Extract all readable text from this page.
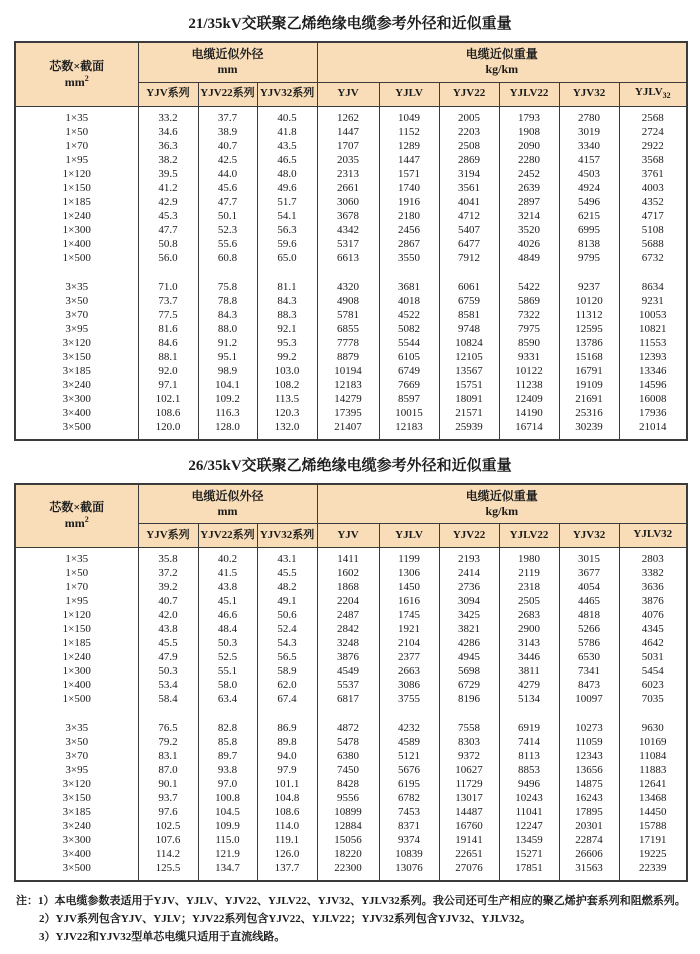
21/35kV交联聚乙烯绝缘电缆参考外径和近似重量
芯数×截面
$mm^2$

电缆近似外径
mm

电缆近似重量
kg/km

	YJV系列	YJV22系列	YJV32系列	YJV	YJLV	YJV22	YJLV22	YJV32	$YJLV_{32}$
1×35	33.2	37.7	40.5	1262	1049	2005	1793	2780	2568
1×50	34.6	38.9	41.8	1447	1152	2203	1908	3019	2724
1×70	36.3	40.7	43.5	1707	1289	2508	2090	3340	2922
1×95	38.2	42.5	46.5	2035	1447	2869	2280	4157	3568
1×120	39.5	44.0	48.0	2313	1571	3194	2452	4503	3761
1×150	41.2	45.6	49.6	2661	1740	3561	2639	4924	4003
1×185	42.9	47.7	51.7	3060	1916	4041	2897	5496	4352
1×240	45.3	50.1	54.1	3678	2180	4712	3214	6215	4717
1×300	47.7	52.3	56.3	4342	2456	5407	3520	6995	5108
1×400	50.8	55.6	59.6	5317	2867	6477	4026	8138	5688
1×500	56.0	60.8	65.0	6613	3550	7912	4849	9795	6732

3×35	71.0	75.8	81.1	4320	3681	6061	5422	9237	8634
3×50	73.7	78.8	84.3	4908	4018	6759	5869	10120	9231
3×70	77.5	84.3	88.3	5781	4522	8581	7322	11312	10053
3×95	81.6	88.0	92.1	6855	5082	9748	7975	12595	10821
3×120	84.6	91.2	95.3	7778	5544	10824	8590	13786	11553
3×150	88.1	95.1	99.2	8879	6105	12105	9331	15168	12393
3×185	92.0	98.9	103.0	10194	6749	13567	10122	16791	13346
3×240	97.1	104.1	108.2	12183	7669	15751	11238	19109	14596
3×300	102.1	109.2	113.5	14279	8597	18091	12409	21691	16008
3×400	108.6	116.3	120.3	17395	10015	21571	14190	25316	17936
3×500	120.0	128.0	132.0	21407	12183	25939	16714	30239	21014
26/35kV交联聚乙烯绝缘电缆参考外径和近似重量
芯数×截面
$mm^2$

电缆近似外径
mm

电缆近似重量
kg/km

	YJV系列	YJV22系列	YJV32系列	YJV	YJLV	YJV22	YJLV22	YJV32	YJLV32
1×35	35.8	40.2	43.1	1411	1199	2193	1980	3015	2803
1×50	37.2	41.5	45.5	1602	1306	2414	2119	3677	3382
1×70	39.2	43.8	48.2	1868	1450	2736	2318	4054	3636
1×95	40.7	45.1	49.1	2204	1616	3094	2505	4465	3876
1×120	42.0	46.6	50.6	2487	1745	3425	2683	4818	4076
1×150	43.8	48.4	52.4	2842	1921	3821	2900	5266	4345
1×185	45.5	50.3	54.3	3248	2104	4286	3143	5786	4642
1×240	47.9	52.5	56.5	3876	2377	4945	3446	6530	5031
1×300	50.3	55.1	58.9	4549	2663	5698	3811	7341	5454
1×400	53.4	58.0	62.0	5537	3086	6729	4279	8473	6023
1×500	58.4	63.4	67.4	6817	3755	8196	5134	10097	7035

3×35	76.5	82.8	86.9	4872	4232	7558	6919	10273	9630
3×50	79.2	85.8	89.8	5478	4589	8303	7414	11059	10169
3×70	83.1	89.7	94.0	6380	5121	9372	8113	12343	11084
3×95	87.0	93.8	97.9	7450	5676	10627	8853	13656	11883
3×120	90.1	97.0	101.1	8428	6195	11729	9496	14875	12641
3×150	93.7	100.8	104.8	9556	6782	13017	10243	16243	13468
3×185	97.6	104.5	108.6	10899	7453	14487	11041	17895	14450
3×240	102.5	109.9	114.0	12884	8371	16760	12247	20301	15788
3×300	107.6	115.0	119.1	15056	9374	19141	13459	22874	17191
3×400	114.2	121.9	126.0	18220	10839	22651	15271	26606	19225
3×500	125.5	134.7	137.7	22300	13076	27076	17851	31563	22339
注：1）本电缆参数表适用于YJV、YJLV、YJV22、YJLV22、YJV32、YJLV32系列。我公司还可生产相应的聚乙烯护套系列和阻燃系列。
2）YJV系列包含YJV、YJLV；YJV22系列包含YJV22、YJLV22；YJV32系列包含YJV32、YJLV32。
3）YJV22和YJV32型单芯电缆只适用于直流线路。
